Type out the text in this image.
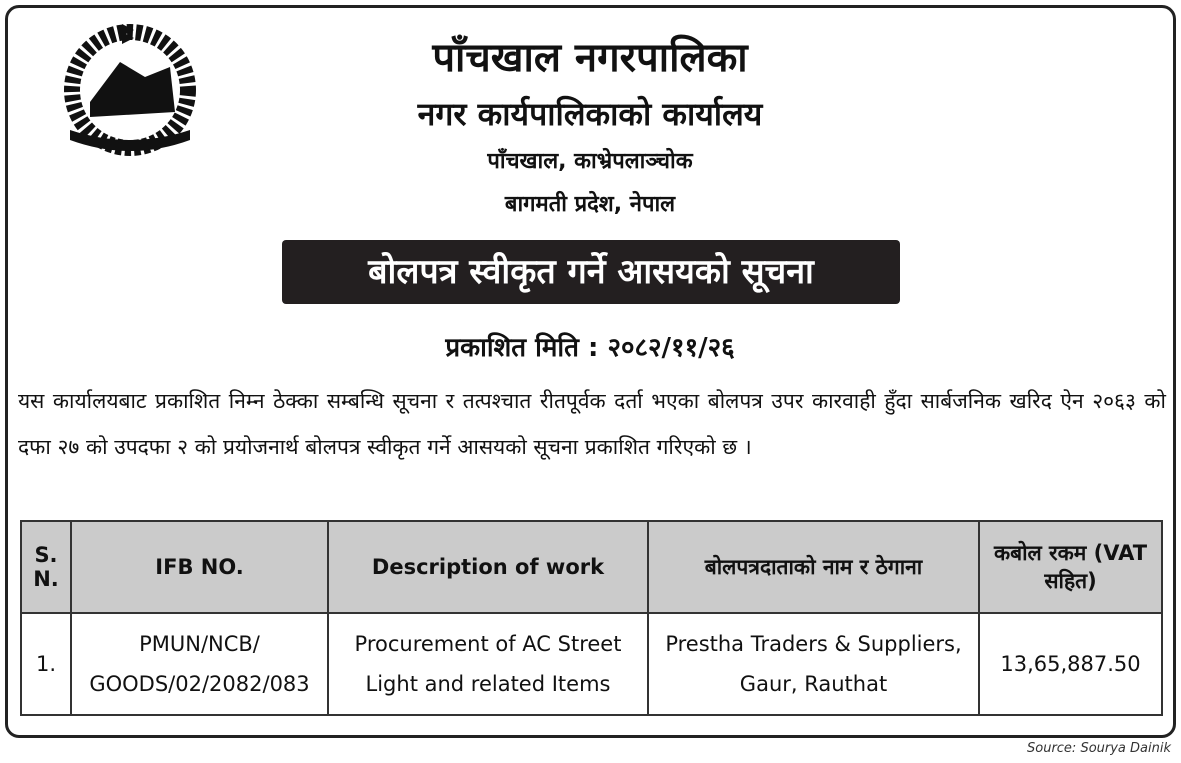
पाँचखाल नगरपालिका
नगर कार्यपालिकाको कार्यालय
पाँचखाल, काभ्रेपलाञ्चोक
बागमती प्रदेश, नेपाल
बोलपत्र स्वीकृत गर्ने आसयको सूचना
प्रकाशित मिति : २०८२/११/२६
यस कार्यालयबाट प्रकाशित निम्न ठेक्का सम्बन्धि सूचना र तत्पश्चात रीतपूर्वक दर्ता भएका बोलपत्र उपर कारवाही हुँदा सार्बजनिक खरिद ऐन २०६३ को दफा २७ को उपदफा २ को प्रयोजनार्थ बोलपत्र स्वीकृत गर्ने आसयको सूचना प्रकाशित गरिएको छ ।
S. N.	IFB NO.	Description of work	बोलपत्रदाताको नाम र ठेगाना	कबोल रकम (VAT सहित)
1.	PMUN/NCB/ GOODS/02/2082/083	Procurement of AC Street Light and related Items	Prestha Traders & Suppliers, Gaur, Rauthat	13,65,887.50
Source: Sourya Dainik
